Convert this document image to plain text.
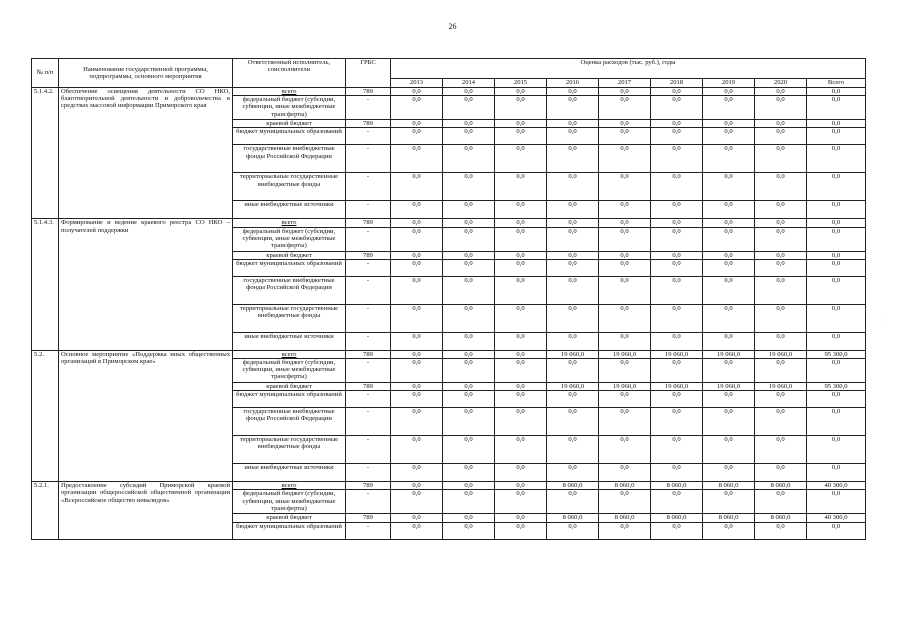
26
№ п/п	Наименование государственной программы, подпрограммы, основного мероприятия	Ответственный исполнитель, соисполнители	ГРБС	Оценка расходов (тыс. руб.), годы								
				2013	2014	2015	2016	2017	2018	2019	2020	Всего
5.1.4.2.	Обеспечение освещения деятельности СО НКО, благотворительной деятельности и добровольчества в средствах массовой информации Приморского края	всего	789	0,0	0,0	0,0	0,0	0,0	0,0	0,0	0,0	0,0
		федеральный бюджет (субсидии, субвенции, иные межбюджетные трансферты)	-	0,0	0,0	0,0	0,0	0,0	0,0	0,0	0,0	0,0
		краевой бюджет	789	0,0	0,0	0,0	0,0	0,0	0,0	0,0	0,0	0,0
		бюджет муниципальных образований	-	0,0	0,0	0,0	0,0	0,0	0,0	0,0	0,0	0,0
		государственные внебюджетные фонды Российской Федерации	-	0,0	0,0	0,0	0,0	0,0	0,0	0,0	0,0	0,0
		территориальные государственные внебюджетные фонды	-	0,0	0,0	0,0	0,0	0,0	0,0	0,0	0,0	0,0
		иные внебюджетные источники	-	0,0	0,0	0,0	0,0	0,0	0,0	0,0	0,0	0,0
5.1.4.3.	Формирование и ведение краевого реестра СО НКО – получателей поддержки	всего	789	0,0	0,0	0,0	0,0	0,0	0,0	0,0	0,0	0,0
		федеральный бюджет (субсидии, субвенции, иные межбюджетные трансферты)	-	0,0	0,0	0,0	0,0	0,0	0,0	0,0	0,0	0,0
		краевой бюджет	789	0,0	0,0	0,0	0,0	0,0	0,0	0,0	0,0	0,0
		бюджет муниципальных образований	-	0,0	0,0	0,0	0,0	0,0	0,0	0,0	0,0	0,0
		государственные внебюджетные фонды Российской Федерации	-	0,0	0,0	0,0	0,0	0,0	0,0	0,0	0,0	0,0
		территориальные государственные внебюджетные фонды	-	0,0	0,0	0,0	0,0	0,0	0,0	0,0	0,0	0,0
		иные внебюджетные источники	-	0,0	0,0	0,0	0,0	0,0	0,0	0,0	0,0	0,0
5.2.	Основное мероприятие «Поддержка иных общественных организаций в Приморском крае»	всего	789	0,0	0,0	0,0	19 060,0	19 060,0	19 060,0	19 060,0	19 060,0	95 300,0
		федеральный бюджет (субсидии, субвенции, иные межбюджетные трансферты)	-	0,0	0,0	0,0	0,0	0,0	0,0	0,0	0,0	0,0
		краевой бюджет	789	0,0	0,0	0,0	19 060,0	19 060,0	19 060,0	19 060,0	19 060,0	95 300,0
		бюджет муниципальных образований	-	0,0	0,0	0,0	0,0	0,0	0,0	0,0	0,0	0,0
		государственные внебюджетные фонды Российской Федерации	-	0,0	0,0	0,0	0,0	0,0	0,0	0,0	0,0	0,0
		территориальные государственные внебюджетные фонды	-	0,0	0,0	0,0	0,0	0,0	0,0	0,0	0,0	0,0
		иные внебюджетные источники	-	0,0	0,0	0,0	0,0	0,0	0,0	0,0	0,0	0,0
5.2.1.	Предоставление субсидий Приморской краевой организации общероссийской общественной организации «Всероссийское общество инвалидов»	всего	789	0,0	0,0	0,0	8 060,0	8 060,0	8 060,0	8 060,0	8 060,0	40 300,0
		федеральный бюджет (субсидии, субвенции, иные межбюджетные трансферты)	-	0,0	0,0	0,0	0,0	0,0	0,0	0,0	0,0	0,0
		краевой бюджет	789	0,0	0,0	0,0	8 060,0	8 060,0	8 060,0	8 060,0	8 060,0	40 300,0
		бюджет муниципальных образований	-	0,0	0,0	0,0	0,0	0,0	0,0	0,0	0,0	0,0
·
